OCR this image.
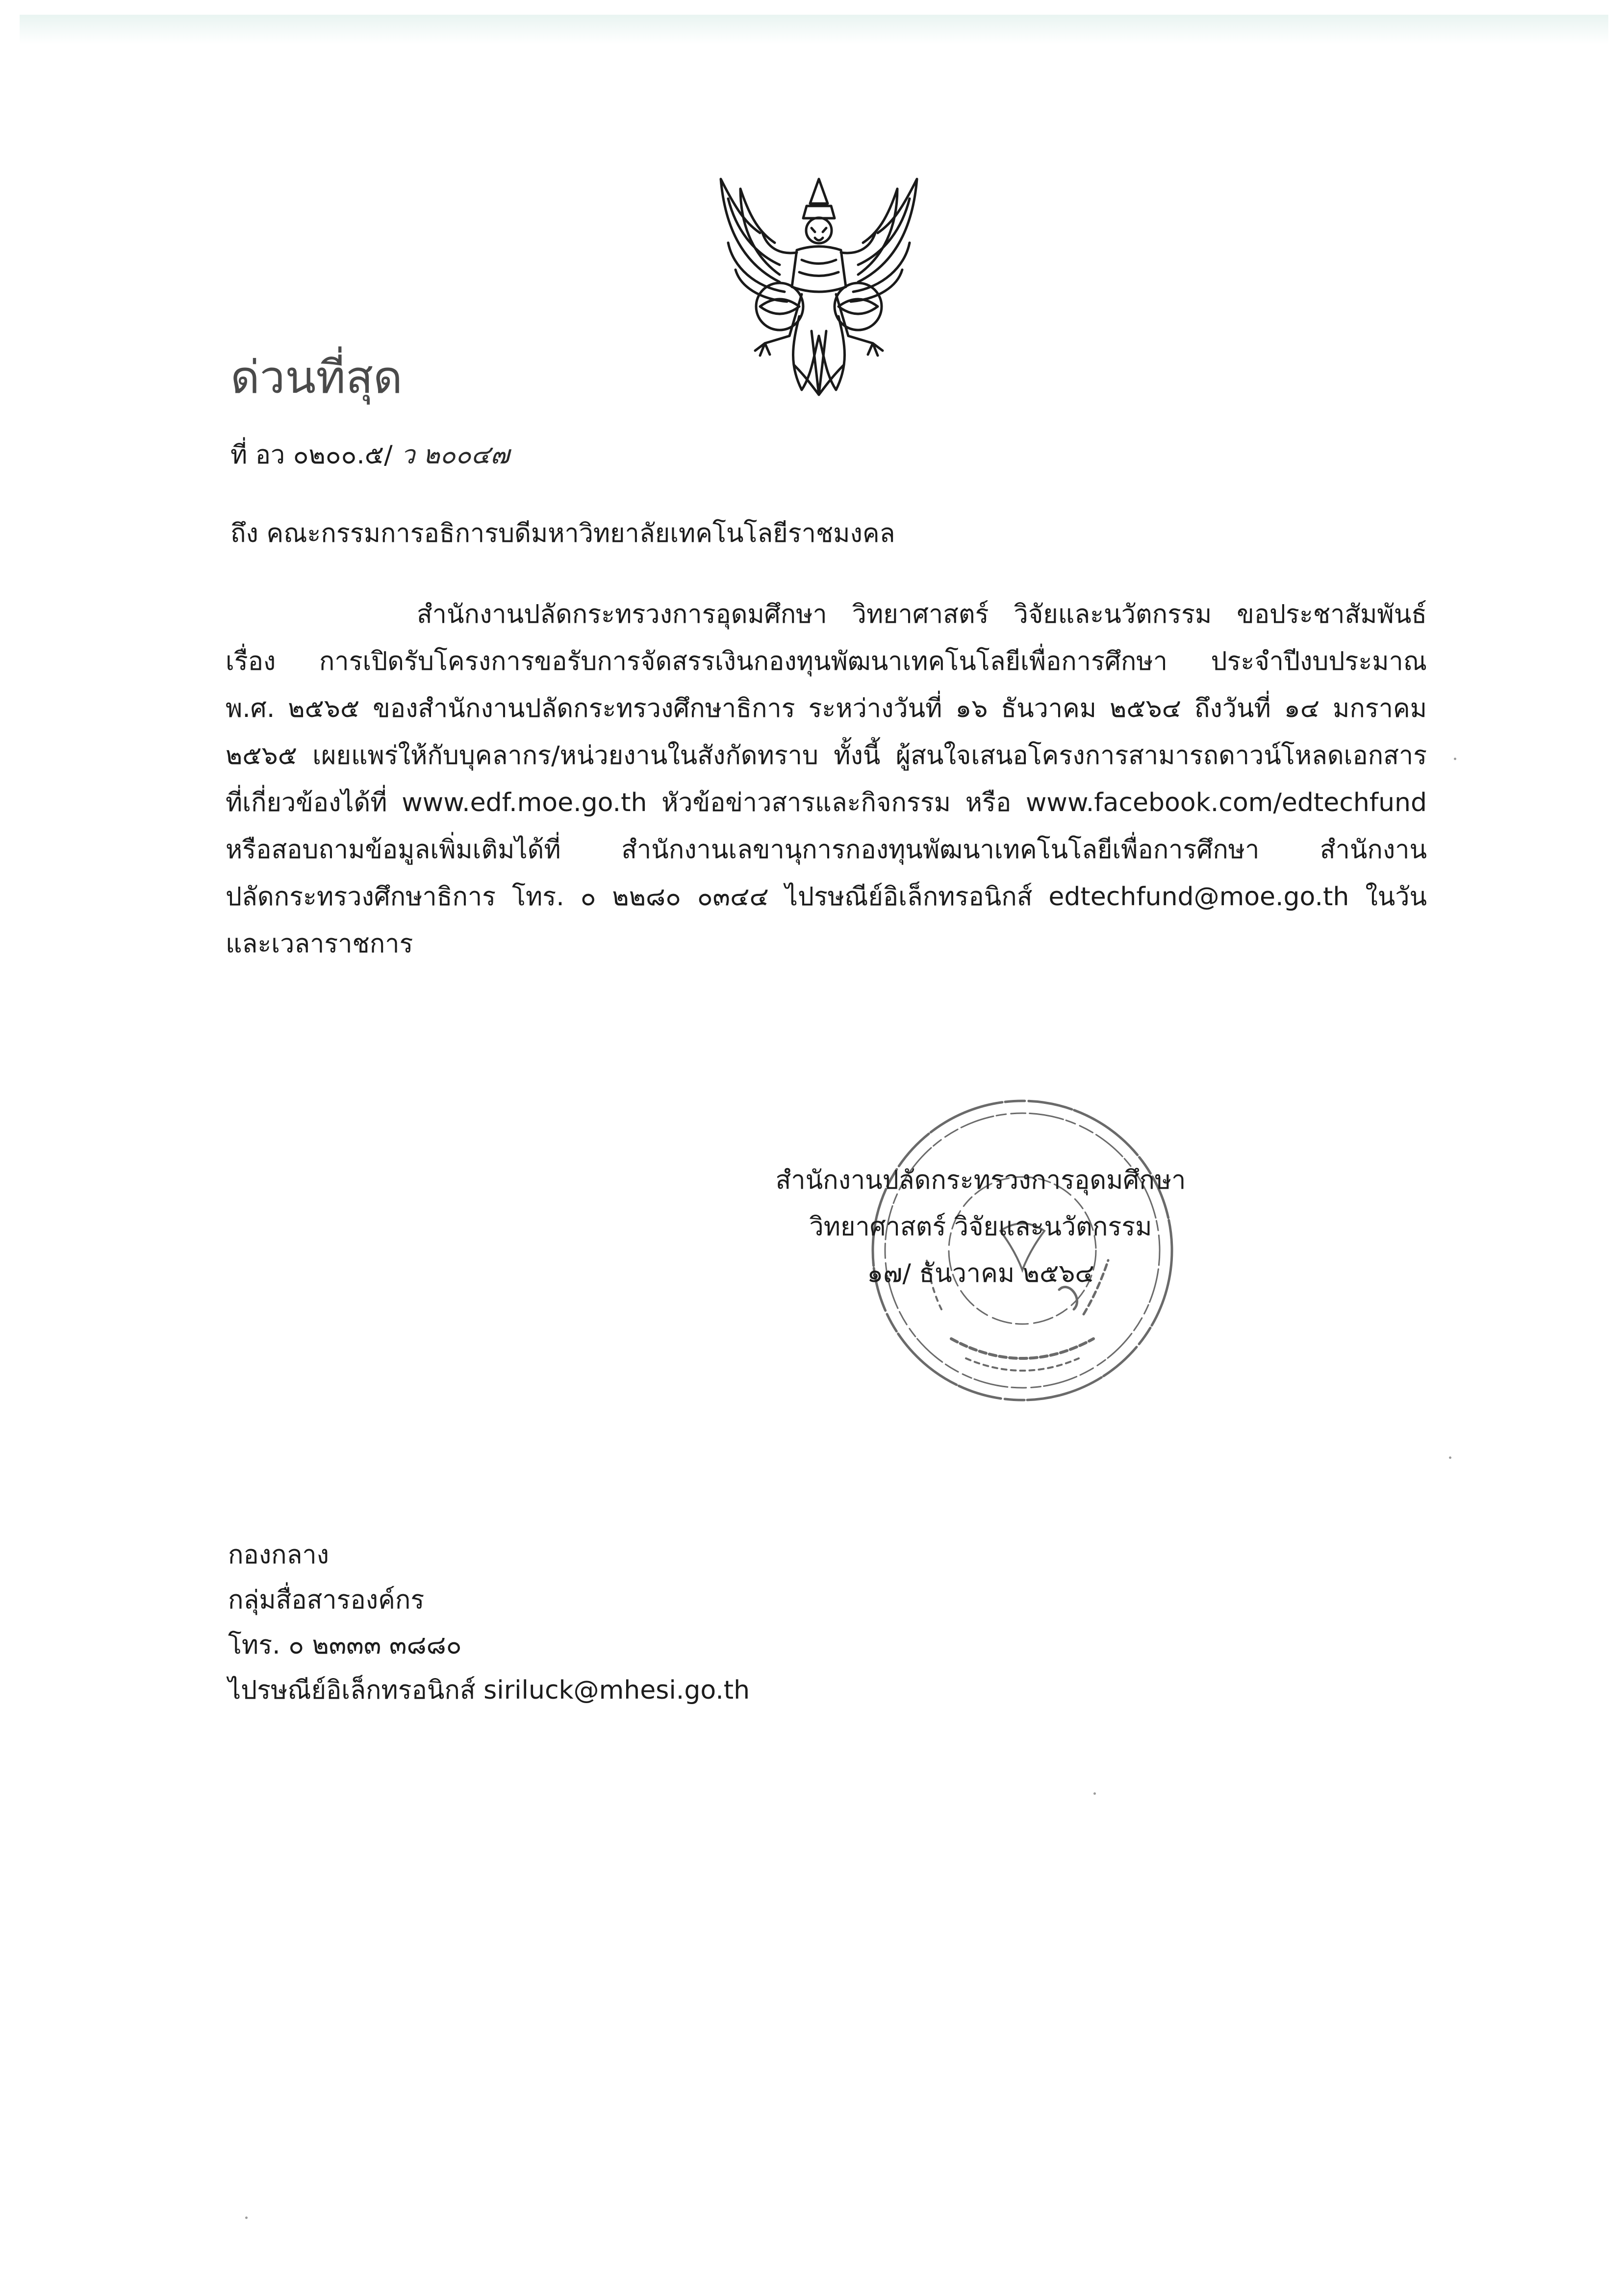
ด่วนที่สุด
ที่ อว ๐๒๐๐.๕/ ว ๒๐๐๔๗
ถึง คณะกรรมการอธิการบดีมหาวิทยาลัยเทคโนโลยีราชมงคล
สำนักงานปลัดกระทรวงการอุดมศึกษา วิทยาศาสตร์ วิจัยและนวัตกรรม ขอประชาสัมพันธ์
เรื่อง การเปิดรับโครงการขอรับการจัดสรรเงินกองทุนพัฒนาเทคโนโลยีเพื่อการศึกษา ประจำปีงบประมาณ
พ.ศ. ๒๕๖๕ ของสำนักงานปลัดกระทรวงศึกษาธิการ ระหว่างวันที่ ๑๖ ธันวาคม ๒๕๖๔ ถึงวันที่ ๑๔ มกราคม
๒๕๖๕ เผยแพร่ให้กับบุคลากร/หน่วยงานในสังกัดทราบ ทั้งนี้ ผู้สนใจเสนอโครงการสามารถดาวน์โหลดเอกสาร
ที่เกี่ยวข้องได้ที่ www.edf.moe.go.th หัวข้อข่าวสารและกิจกรรม หรือ www.facebook.com/edtechfund
หรือสอบถามข้อมูลเพิ่มเติมได้ที่ สำนักงานเลขานุการกองทุนพัฒนาเทคโนโลยีเพื่อการศึกษา สำนักงาน
ปลัดกระทรวงศึกษาธิการ โทร. ๐ ๒๒๘๐ ๐๓๔๔ ไปรษณีย์อิเล็กทรอนิกส์ edtechfund@moe.go.th ในวัน
และเวลาราชการ
สำนักงานปลัดกระทรวงการอุดมศึกษา
วิทยาศาสตร์ วิจัยและนวัตกรรม
๑๗/ ธันวาคม ๒๕๖๔
กองกลาง
กลุ่มสื่อสารองค์กร
โทร. ๐ ๒๓๓๓ ๓๘๘๐
ไปรษณีย์อิเล็กทรอนิกส์ siriluck@mhesi.go.th
